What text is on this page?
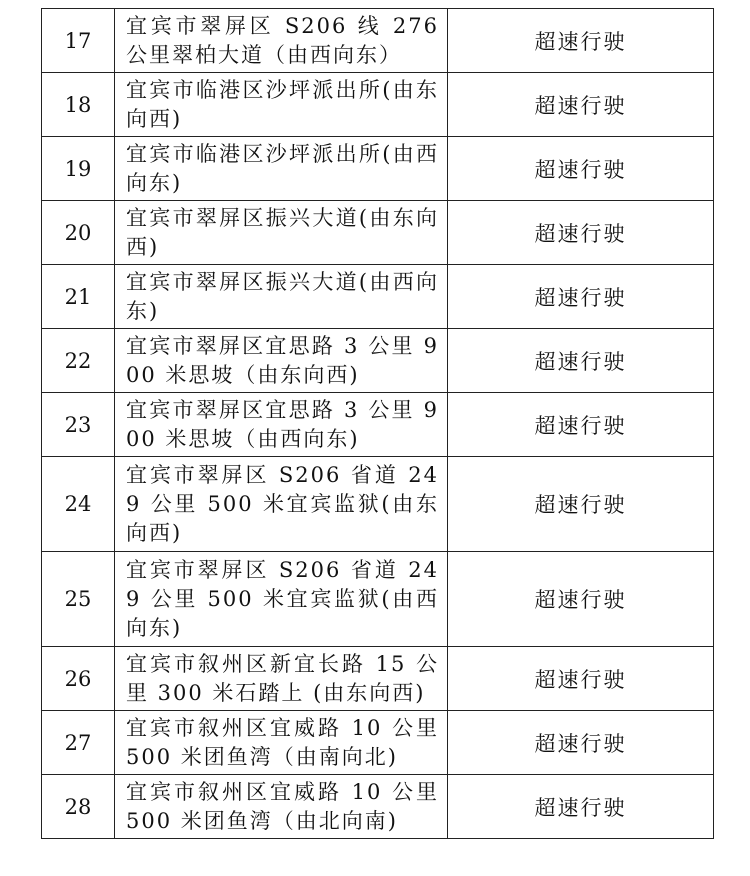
17	宜宾市翠屏区 S206 线 276 公里翠柏大道（由西向东）	超速行驶
18	宜宾市临港区沙坪派出所(由东向西)	超速行驶
19	宜宾市临港区沙坪派出所(由西向东)	超速行驶
20	宜宾市翠屏区振兴大道(由东向西)	超速行驶
21	宜宾市翠屏区振兴大道(由西向东)	超速行驶
22	宜宾市翠屏区宜思路 3 公里 900 米思坡（由东向西)	超速行驶
23	宜宾市翠屏区宜思路 3 公里 900 米思坡（由西向东)	超速行驶
24	宜宾市翠屏区 S206 省道 249 公里 500 米宜宾监狱(由东向西)	超速行驶
25	宜宾市翠屏区 S206 省道 249 公里 500 米宜宾监狱(由西向东)	超速行驶
26	宜宾市叙州区新宜长路 15 公里 300 米石踏上 (由东向西)	超速行驶
27	宜宾市叙州区宜威路 10 公里 500 米团鱼湾（由南向北)	超速行驶
28	宜宾市叙州区宜威路 10 公里 500 米团鱼湾（由北向南)	超速行驶
